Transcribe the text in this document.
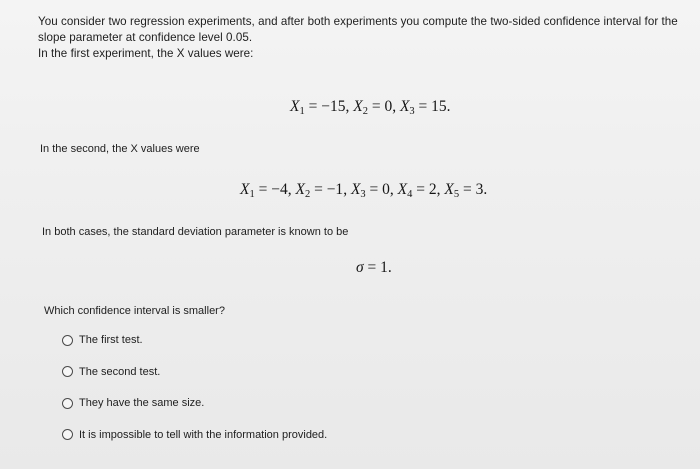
You consider two regression experiments, and after both experiments you compute the two-sided confidence interval for the slope parameter at confidence level 0.05.

In the first experiment, the X values were:

$X_1 = -15$, $X_2 = 0$, $X_3 = 15$.
In the second, the X values were
$X_1 = -4$, $X_2 = -1$, $X_3 = 0$, $X_4 = 2$, $X_5 = 3$.
In both cases, the standard deviation parameter is known to be
σ = 1.
Which confidence interval is smaller?
The first test.
The second test.
They have the same size.
It is impossible to tell with the information provided.
